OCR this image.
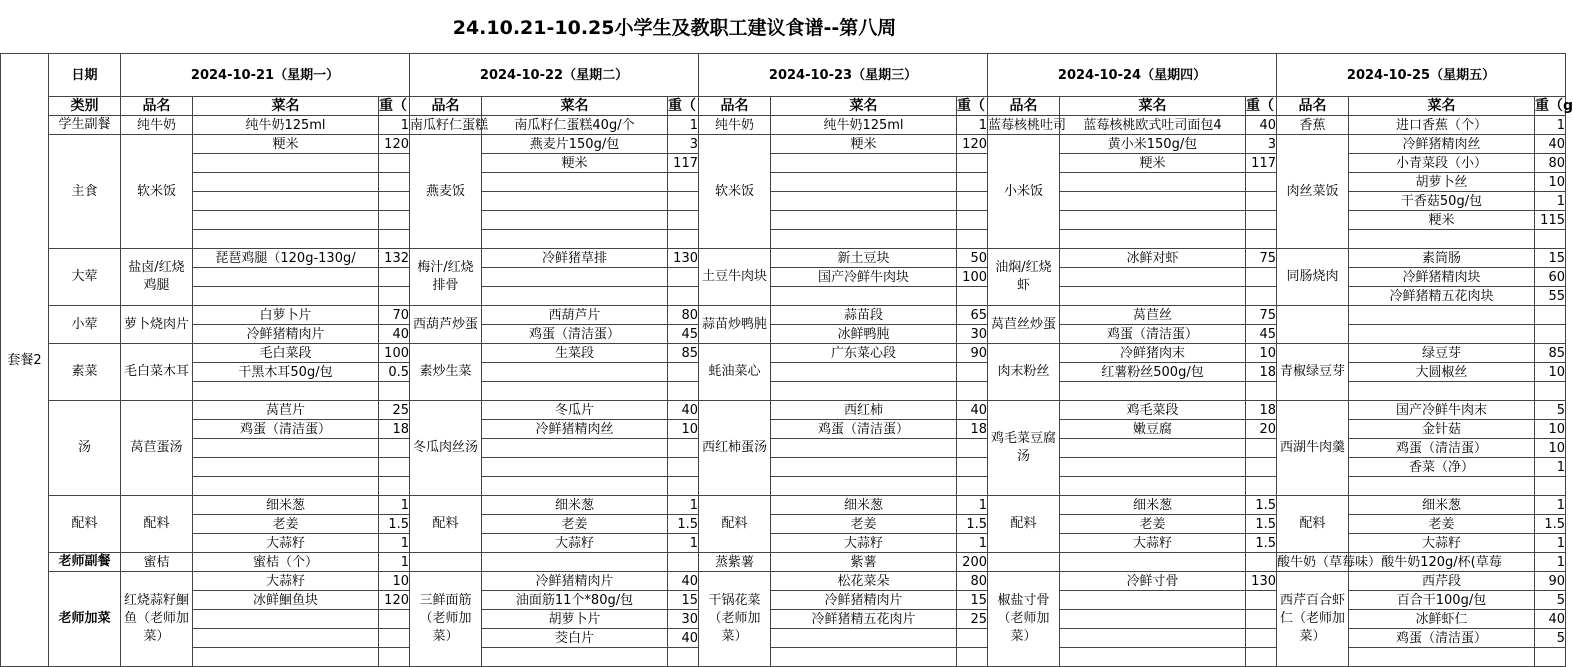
24.10.21-10.25小学生及教职工建议食谱--第八周
套餐2	日期	2024-10-21（星期一）			2024-10-22（星期二）			2024-10-23（星期三）			2024-10-24（星期四）			2024-10-25（星期五）		
	类别	品名	菜名	重（	品名	菜名	重（	品名	菜名	重（	品名	菜名	重（	品名	菜名	重（g
	学生副餐	纯牛奶	纯牛奶125ml	1	南瓜籽仁蛋糕	南瓜籽仁蛋糕40g/个	1	纯牛奶	纯牛奶125ml	1	蓝莓核桃吐司	蓝莓核桃欧式吐司面包4	40	香蕉	进口香蕉（个）	1
	主食	软米饭	粳米	120	燕麦饭	燕麦片150g/包	3	软米饭	粳米	120	小米饭	黄小米150g/包	3	肉丝菜饭	冷鲜猪精肉丝	40
						粳米	117					粳米	117		小青菜段（小）	80
															胡萝卜丝	10
															干香菇50g/包	1
															粳米	115

	大荤	盐卤/红烧鸡腿	琵琶鸡腿（120g-130g/	132	梅汁/红烧排骨	冷鲜猪草排	130	土豆牛肉块	新土豆块	50	油焖/红烧虾	冰鲜对虾	75	同肠烧肉	素筒肠	15
									国产冷鲜牛肉块	100					冷鲜猪精肉块	60
															冷鲜猪精五花肉块	55
	小荤	萝卜烧肉片	白萝卜片	70	西葫芦炒蛋	西葫芦片	80	蒜苗炒鸭肫	蒜苗段	65	莴苣丝炒蛋	莴苣丝	75			
			冷鲜猪精肉片	40		鸡蛋（清洁蛋）	45		冰鲜鸭肫	30		鸡蛋（清洁蛋）	45			
	素菜	毛白菜木耳	毛白菜段	100	素炒生菜	生菜段	85	蚝油菜心	广东菜心段	90	肉末粉丝	冷鲜猪肉末	10	青椒绿豆芽	绿豆芽	85
			干黑木耳50g/包	0.5								红薯粉丝500g/包	18		大圆椒丝	10

	汤	莴苣蛋汤	莴苣片	25	冬瓜肉丝汤	冬瓜片	40	西红柿蛋汤	西红柿	40	鸡毛菜豆腐汤	鸡毛菜段	18	西湖牛肉羹	国产冷鲜牛肉末	5
			鸡蛋（清洁蛋）	18		冷鲜猪精肉丝	10		鸡蛋（清洁蛋）	18		嫩豆腐	20		金针菇	10
															鸡蛋（清洁蛋）	10
															香菜（净）	1

	配料	配料	细米葱	1	配料	细米葱	1	配料	细米葱	1	配料	细米葱	1.5	配料	细米葱	1
			老姜	1.5		老姜	1.5		老姜	1.5		老姜	1.5		老姜	1.5
			大蒜籽	1		大蒜籽	1		大蒜籽	1		大蒜籽	1.5		大蒜籽	1
	老师副餐	蜜桔	蜜桔（个）	1				蒸紫薯	紫薯	200				酸牛奶（草莓味）	酸牛奶120g/杯(草莓	1
	老师加菜	红烧蒜籽鮰鱼（老师加菜）	大蒜籽	10	三鲜面筋（老师加菜）	冷鲜猪精肉片	40	干锅花菜（老师加菜）	松花菜朵	80	椒盐寸骨（老师加菜）	冷鲜寸骨	130	西芹百合虾仁（老师加菜）	西芹段	90
			冰鲜鮰鱼块	120		油面筋11个*80g/包	15		冷鲜猪精肉片	15					百合干100g/包	5
						胡萝卜片	30		冷鲜猪精五花肉片	25					冰鲜虾仁	40
						茭白片	40								鸡蛋（清洁蛋）	5
